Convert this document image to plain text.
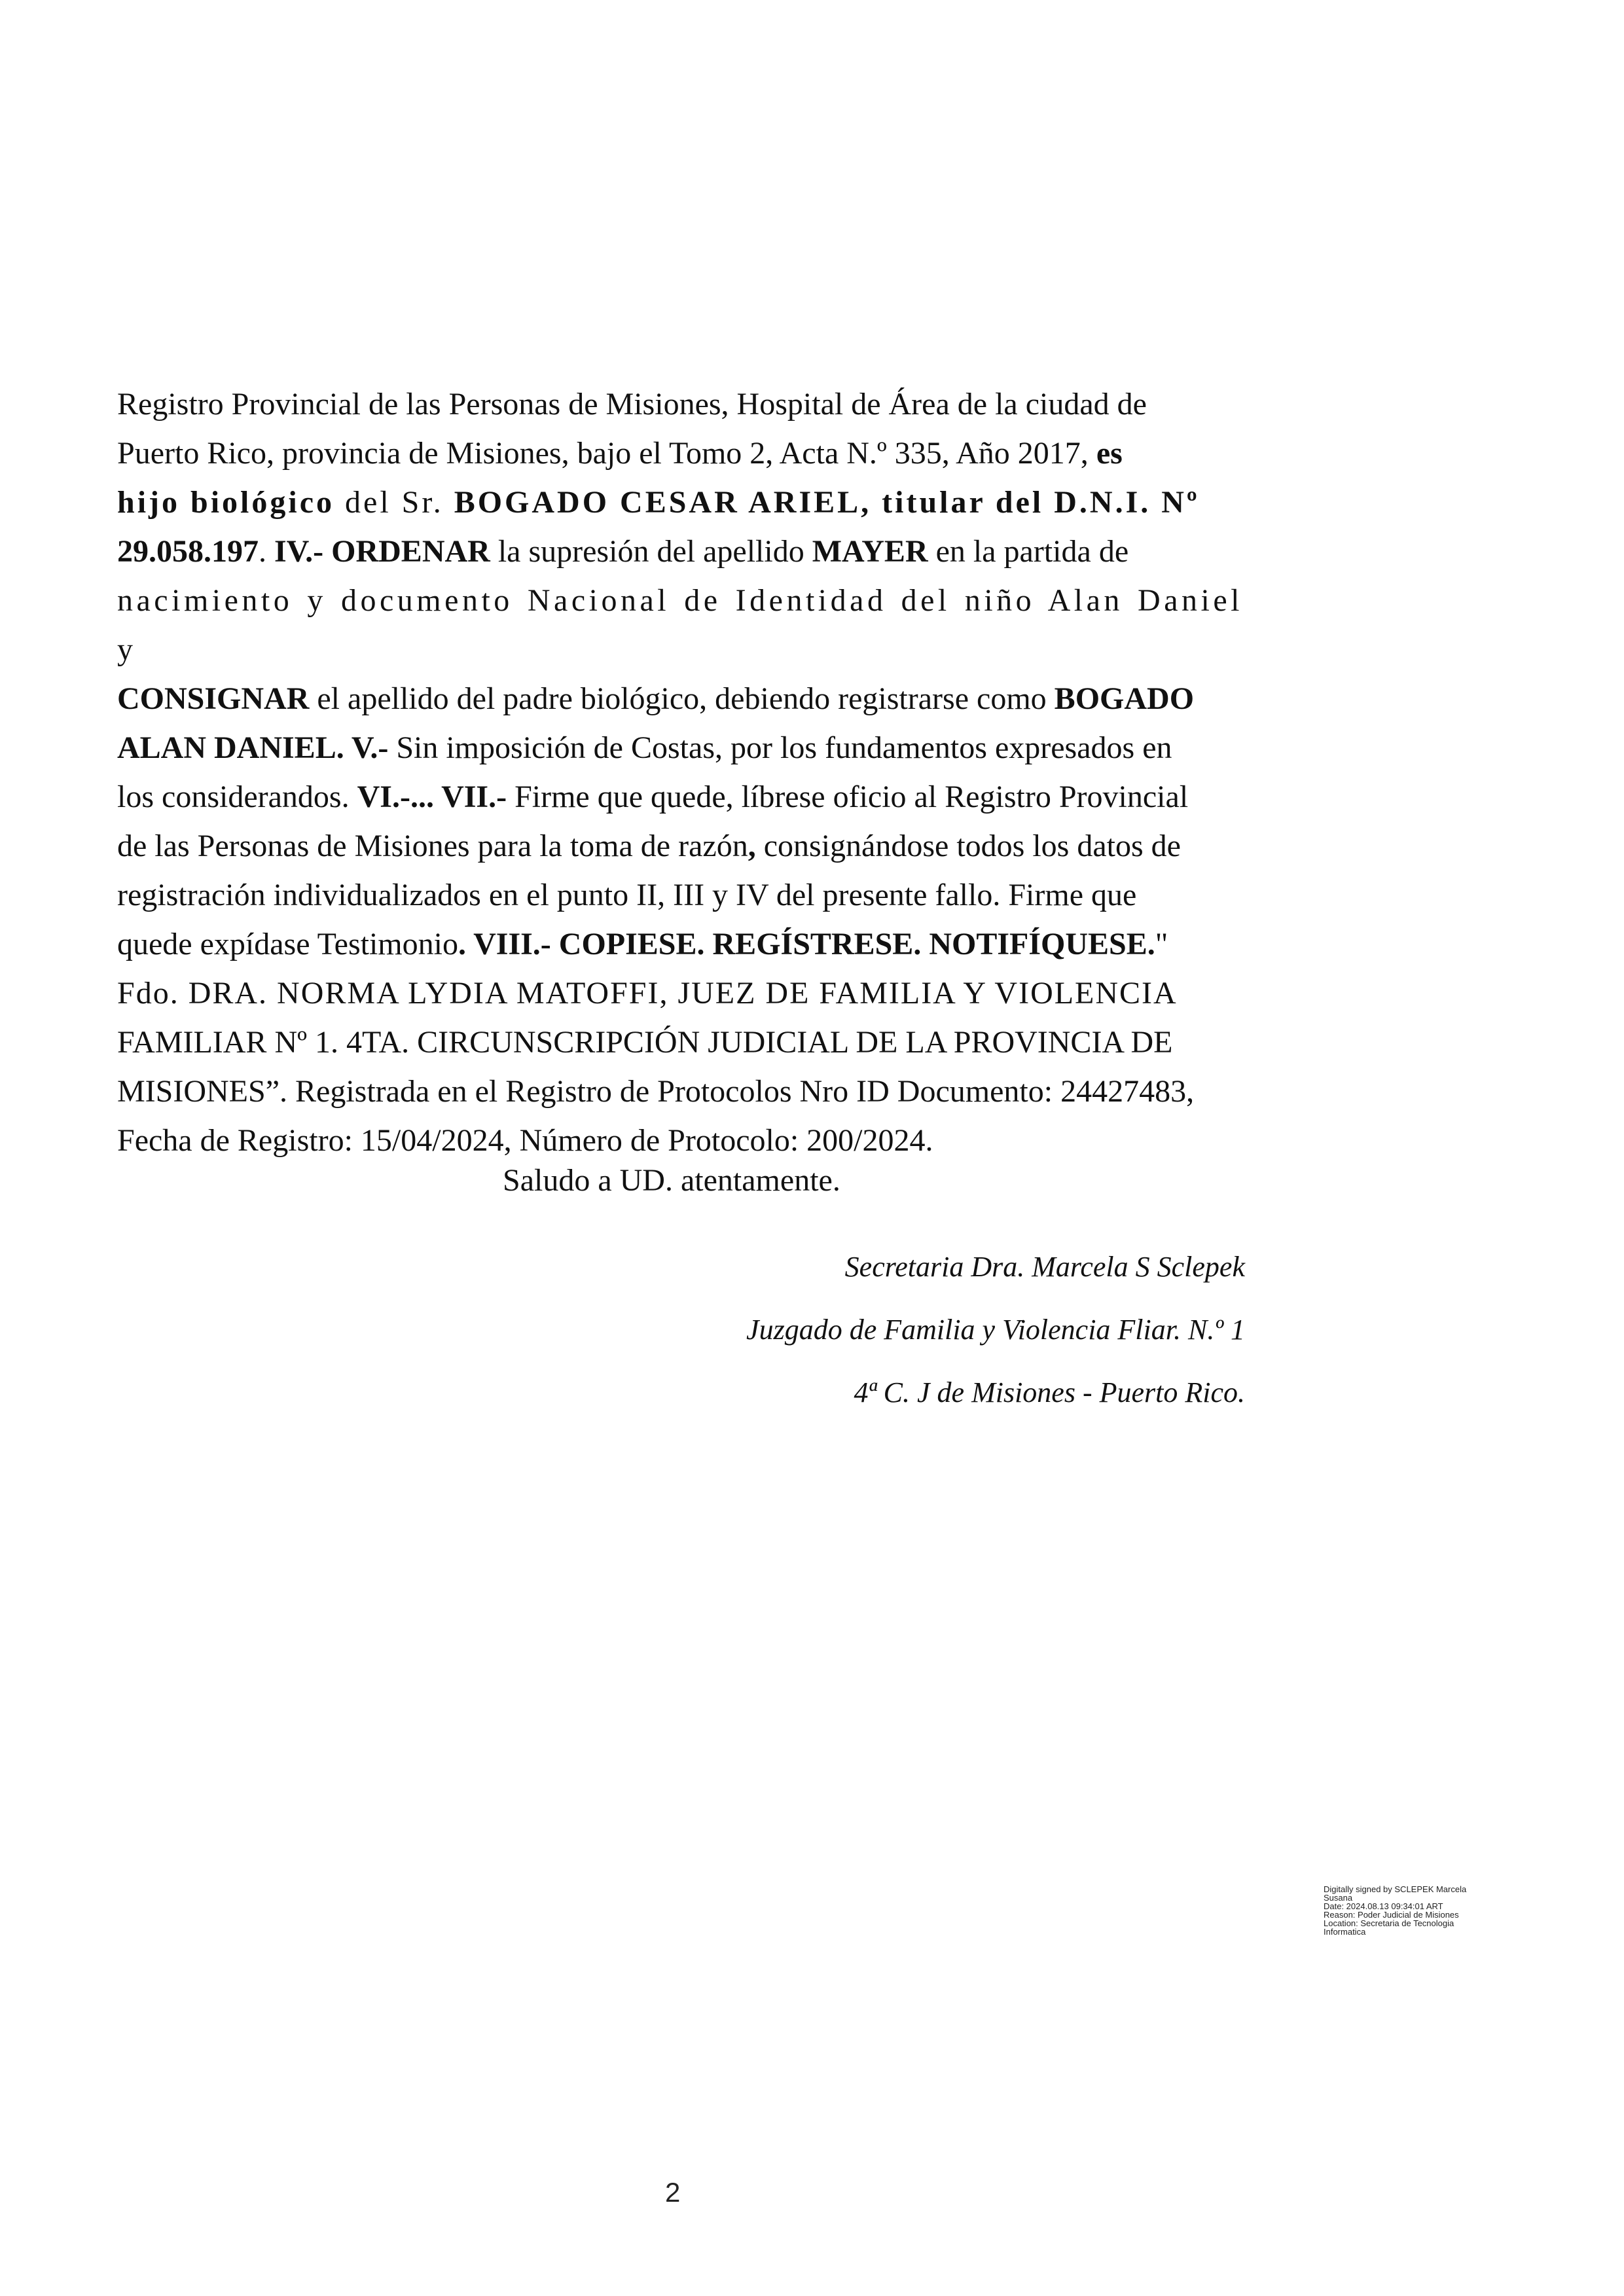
Registro Provincial de las Personas de Misiones, Hospital de Área de la ciudad de
Puerto Rico, provincia de Misiones, bajo el Tomo 2, Acta N.º 335, Año 2017, es
hijo biológico del Sr. BOGADO CESAR ARIEL, titular del D.N.I. Nº
29.058.197. IV.- ORDENAR la supresión del apellido MAYER en la partida de
nacimiento y documento Nacional de Identidad del niño Alan Daniel y
CONSIGNAR el apellido del padre biológico, debiendo registrarse como BOGADO
ALAN DANIEL. V.- Sin imposición de Costas, por los fundamentos expresados en
los considerandos. VI.-... VII.- Firme que quede, líbrese oficio al Registro Provincial
de las Personas de Misiones para la toma de razón, consignándose todos los datos de
registración individualizados en el punto II, III y IV del presente fallo. Firme que
quede expídase Testimonio. VIII.- COPIESE. REGÍSTRESE. NOTIFÍQUESE."
Fdo. DRA. NORMA LYDIA MATOFFI, JUEZ DE FAMILIA Y VIOLENCIA
FAMILIAR Nº 1. 4TA. CIRCUNSCRIPCIÓN JUDICIAL DE LA PROVINCIA DE
MISIONES”. Registrada en el Registro de Protocolos Nro ID Documento: 24427483,
Fecha de Registro: 15/04/2024, Número de Protocolo: 200/2024.
Saludo a UD. atentamente.
Secretaria Dra. Marcela S Sclepek
Juzgado de Familia y Violencia Fliar. N.º 1
4ª C. J de Misiones - Puerto Rico.
Digitally signed by SCLEPEK Marcela
Susana
Date: 2024.08.13 09:34:01 ART
Reason: Poder Judicial de Misiones
Location: Secretaria de Tecnologia
Informatica
2
